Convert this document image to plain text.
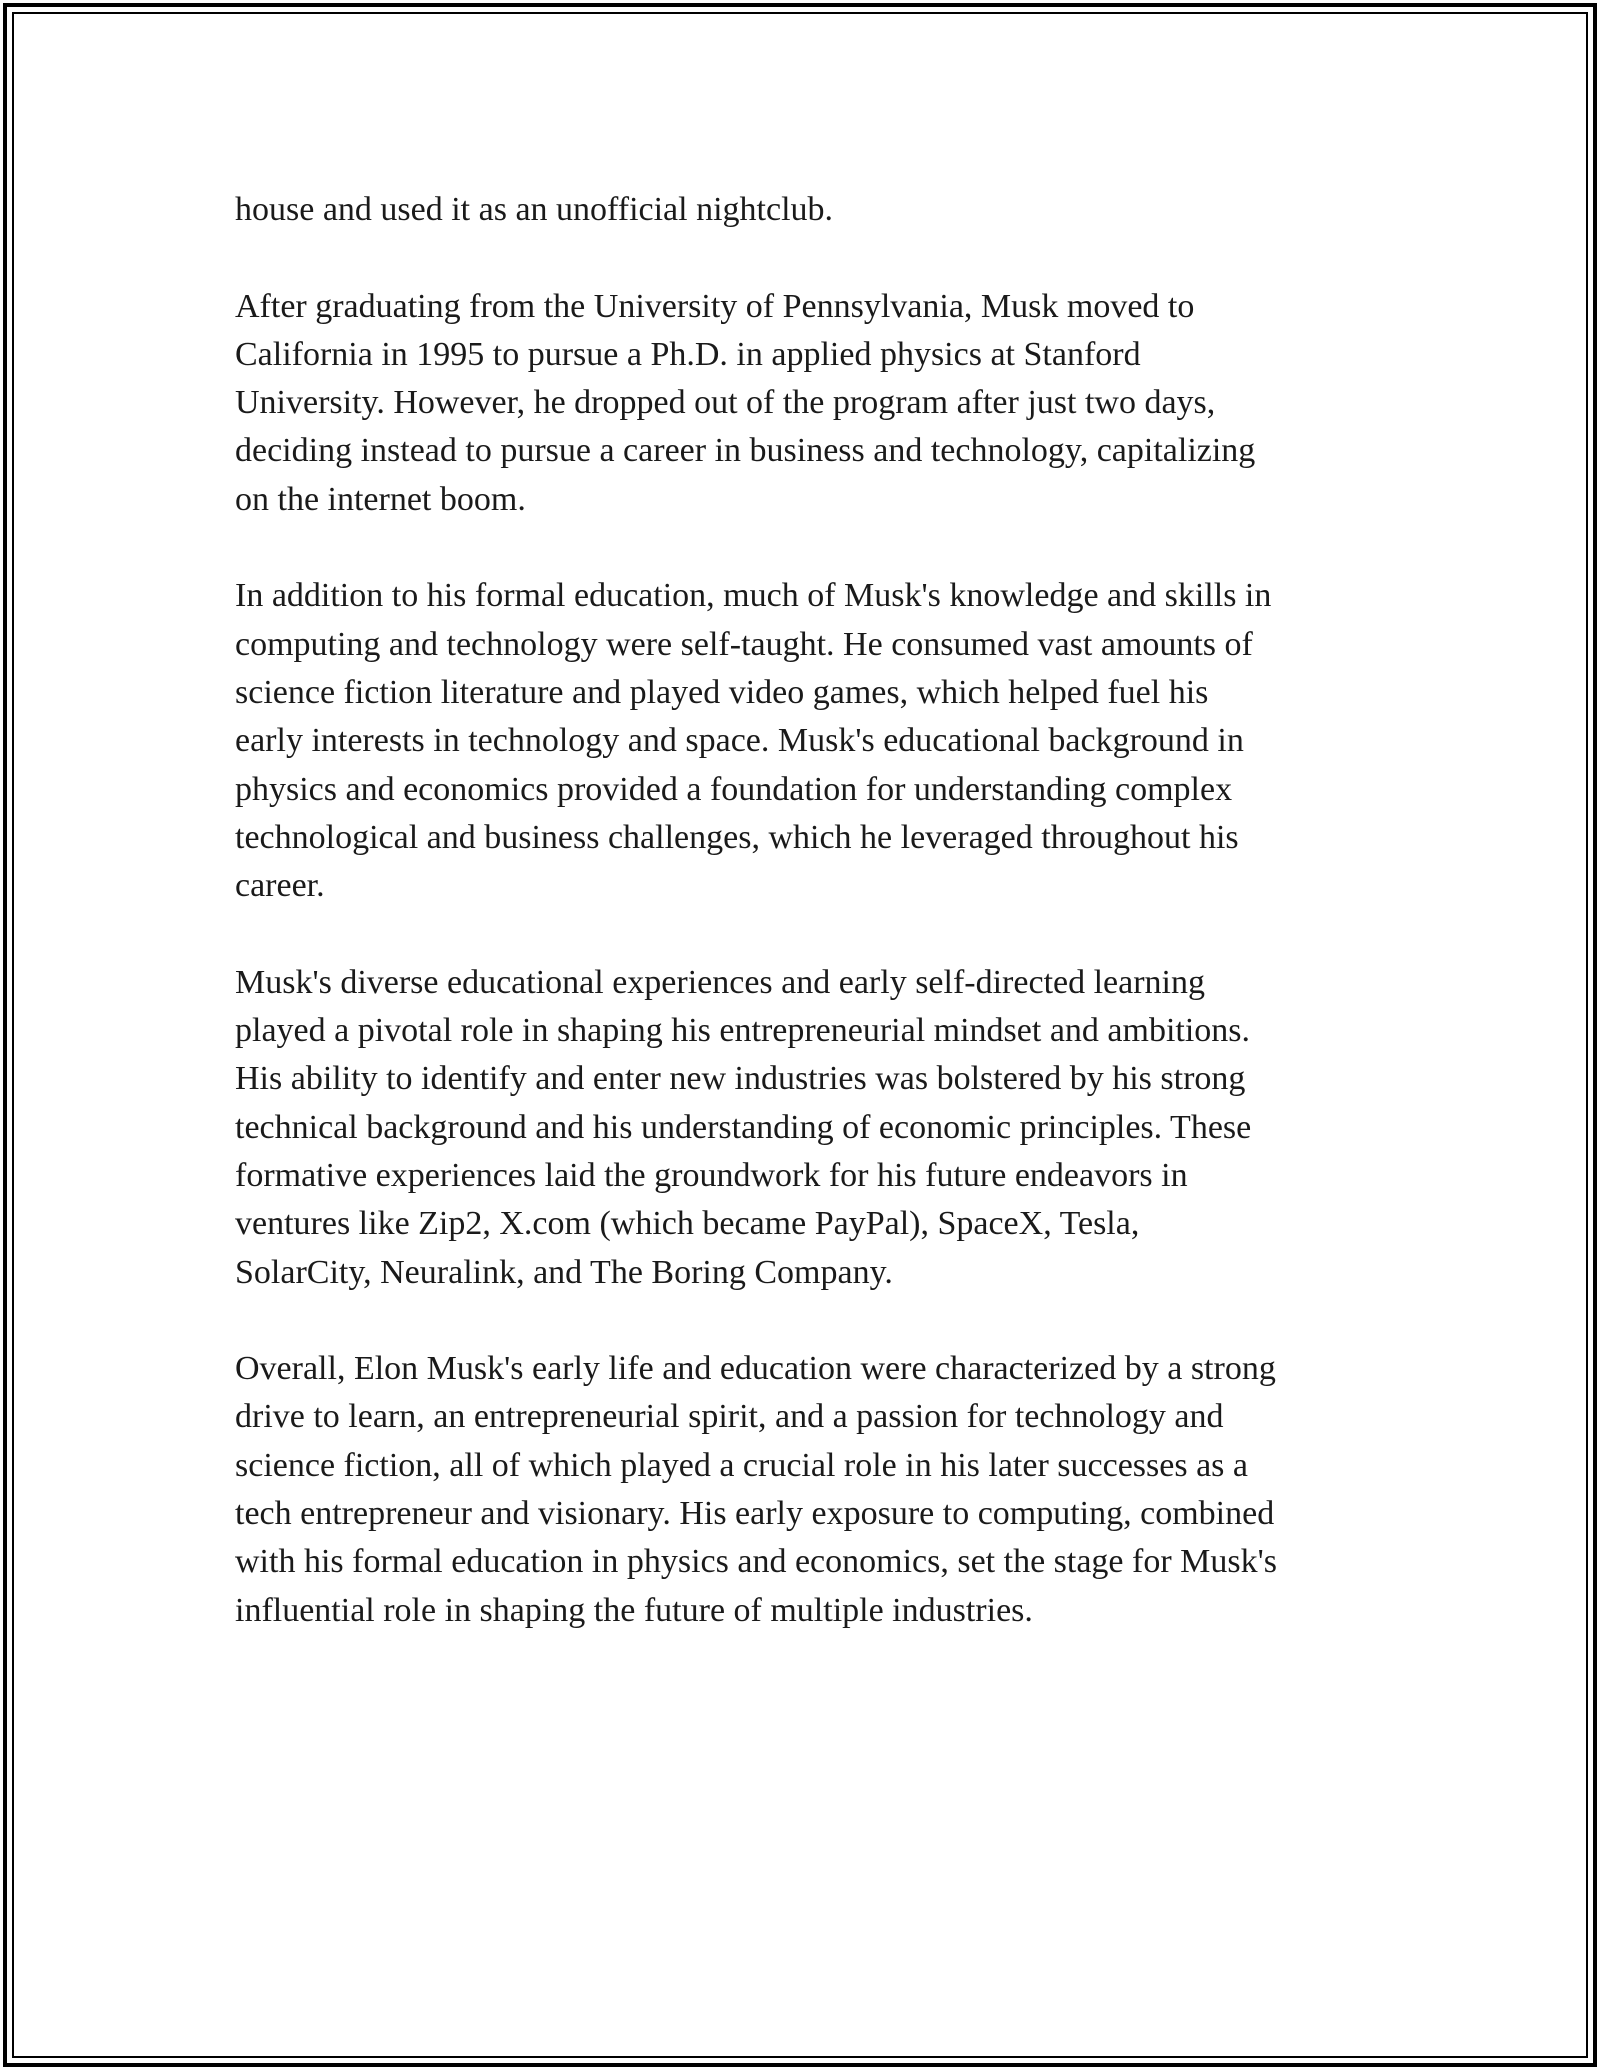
house and used it as an unofficial nightclub.

After graduating from the University of Pennsylvania, Musk moved to
California in 1995 to pursue a Ph.D. in applied physics at Stanford
University. However, he dropped out of the program after just two days,
deciding instead to pursue a career in business and technology, capitalizing
on the internet boom.

In addition to his formal education, much of Musk's knowledge and skills in
computing and technology were self-taught. He consumed vast amounts of
science fiction literature and played video games, which helped fuel his
early interests in technology and space. Musk's educational background in
physics and economics provided a foundation for understanding complex
technological and business challenges, which he leveraged throughout his
career.

Musk's diverse educational experiences and early self-directed learning
played a pivotal role in shaping his entrepreneurial mindset and ambitions.
His ability to identify and enter new industries was bolstered by his strong
technical background and his understanding of economic principles. These
formative experiences laid the groundwork for his future endeavors in
ventures like Zip2, X.com (which became PayPal), SpaceX, Tesla,
SolarCity, Neuralink, and The Boring Company.

Overall, Elon Musk's early life and education were characterized by a strong
drive to learn, an entrepreneurial spirit, and a passion for technology and
science fiction, all of which played a crucial role in his later successes as a
tech entrepreneur and visionary. His early exposure to computing, combined
with his formal education in physics and economics, set the stage for Musk's
influential role in shaping the future of multiple industries.
